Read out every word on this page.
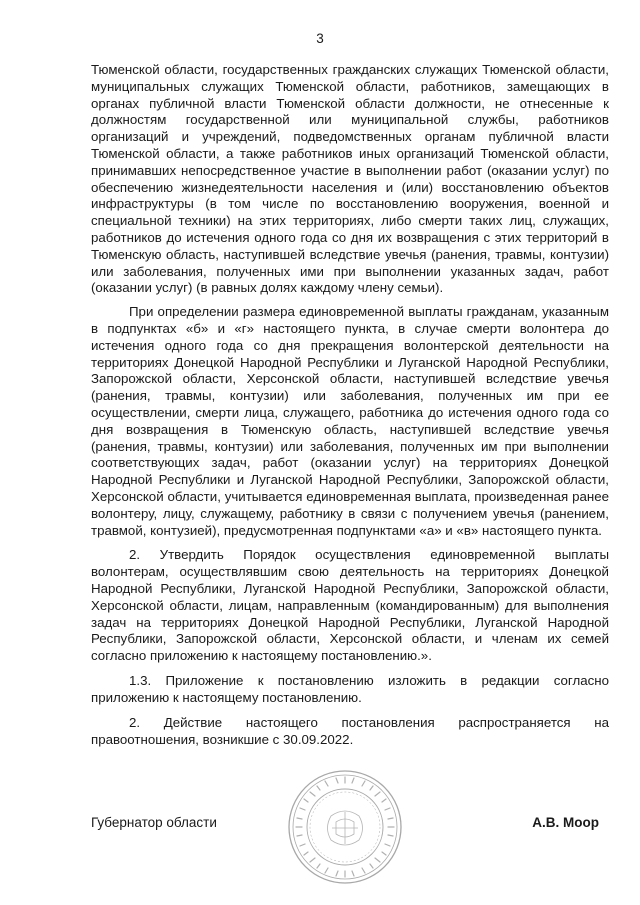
3

Тюменской области, государственных гражданских служащих Тюменской области, муниципальных служащих Тюменской области, работников, замещающих в органах публичной власти Тюменской области должности, не отнесенные к должностям государственной или муниципальной службы, работников организаций и учреждений, подведомственных органам публичной власти Тюменской области, а также работников иных организаций Тюменской области, принимавших непосредственное участие в выполнении работ (оказании услуг) по обеспечению жизнедеятельности населения и (или) восстановлению объектов инфраструктуры (в том числе по восстановлению вооружения, военной и специальной техники) на этих территориях, либо смерти таких лиц, служащих, работников до истечения одного года со дня их возвращения с этих территорий в Тюменскую область, наступившей вследствие увечья (ранения, травмы, контузии) или заболевания, полученных ими при выполнении указанных задач, работ (оказании услуг) (в равных долях каждому члену семьи).

При определении размера единовременной выплаты гражданам, указанным в подпунктах «б» и «г» настоящего пункта, в случае смерти волонтера до истечения одного года со дня прекращения волонтерской деятельности на территориях Донецкой Народной Республики и Луганской Народной Республики, Запорожской области, Херсонской области, наступившей вследствие увечья (ранения, травмы, контузии) или заболевания, полученных им при ее осуществлении, смерти лица, служащего, работника до истечения одного года со дня возвращения в Тюменскую область, наступившей вследствие увечья (ранения, травмы, контузии) или заболевания, полученных им при выполнении соответствующих задач, работ (оказании услуг) на территориях Донецкой Народной Республики и Луганской Народной Республики, Запорожской области, Херсонской области, учитывается единовременная выплата, произведенная ранее волонтеру, лицу, служащему, работнику в связи с получением увечья (ранением, травмой, контузией), предусмотренная подпунктами «а» и «в» настоящего пункта.

2. Утвердить Порядок осуществления единовременной выплаты волонтерам, осуществлявшим свою деятельность на территориях Донецкой Народной Республики, Луганской Народной Республики, Запорожской области, Херсонской области, лицам, направленным (командированным) для выполнения задач на территориях Донецкой Народной Республики, Луганской Народной Республики, Запорожской области, Херсонской области, и членам их семей согласно приложению к настоящему постановлению.».

1.3. Приложение к постановлению изложить в редакции согласно приложению к настоящему постановлению.

2. Действие настоящего постановления распространяется на правоотношения, возникшие с 30.09.2022.

Губернатор области	А.В. Моор
